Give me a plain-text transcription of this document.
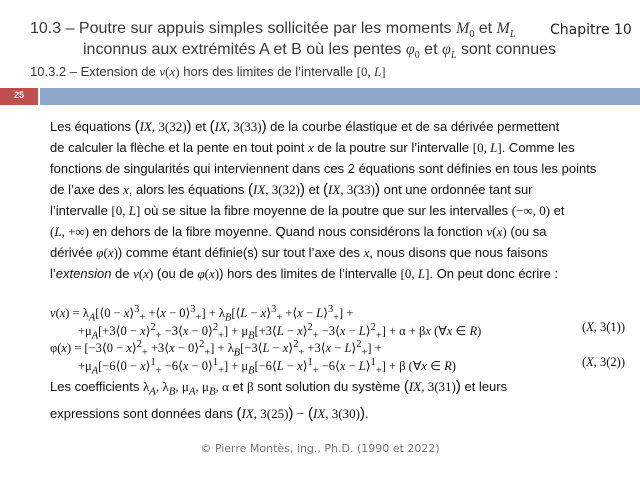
10.3 – Poutre sur appuis simples sollicitée par les moments $M_0$ et $M_L$
inconnus aux extrémités A et B où les pentes $\varphi_0$ et $\varphi_L$ sont connues
Chapitre 10
10.3.2 – Extension de v(x) hors des limites de l’intervalle [0, L]
25

Les équations (IX, 3(32)) et (IX, 3(33)) de la courbe élastique et de sa dérivée permettent

de calculer la flèche et la pente en tout point x de la poutre sur l’intervalle [0, L]. Comme les

fonctions de singularités qui interviennent dans ces 2 équations sont définies en tous les points

de l’axe des x, alors les équations (IX, 3(32)) et (IX, 3(33)) ont une ordonnée tant sur

l’intervalle [0, L] où se situe la fibre moyenne de la poutre que sur les intervalles (−∞, 0) et

(L, +∞) en dehors de la fibre moyenne. Quand nous considérons la fonction v(x) (ou sa

dérivée φ(x)) comme étant définie(s) sur tout l’axe des x, nous disons que nous faisons

l’extension de v(x) (ou de φ(x)) hors des limites de l’intervalle [0, L]. On peut donc écrire :

$v(x) = \lambda_A[⟨0$ − x⟩$^3_+$ +⟨x − 0⟩$^3_+$] + $\lambda_B[⟨L$ − x⟩$^3_+$ +⟨x − L⟩$^3_+$] +
$+\mu_A[+3⟨0$ − x⟩$^2_+$ −3⟨x − 0⟩$^2_+$] + $\mu_B[+3⟨L$ − x⟩$^2_+$ −3⟨x − L⟩$^2_+$] + α + βx (∀x ∈ R)	(X, 3(1))
φ(x) = [−3⟨0 − x⟩$^2_+$ +3⟨x − 0⟩$^2_+$] + $\lambda_B[-3⟨L$ − x⟩$^2_+$ +3⟨x − L⟩$^2_+$] +
$+\mu_A[-6⟨0$ − x⟩$^1_+$ −6⟨x − 0⟩$^1_+$] + $\mu_B[-6⟨L$ − x⟩$^1_+$ −6⟨x − L⟩$^1_+$] + β (∀x ∈ R)	(X, 3(2))

Les coefficients $\lambda_A$, $\lambda_B$, $\mu_A$, $\mu_B$, α et β sont solution du système (IX, 3(31)) et leurs

expressions sont données dans (IX, 3(25)) − (IX, 3(30)).

© Pierre Montès, ing., Ph.D. (1990 et 2022)
